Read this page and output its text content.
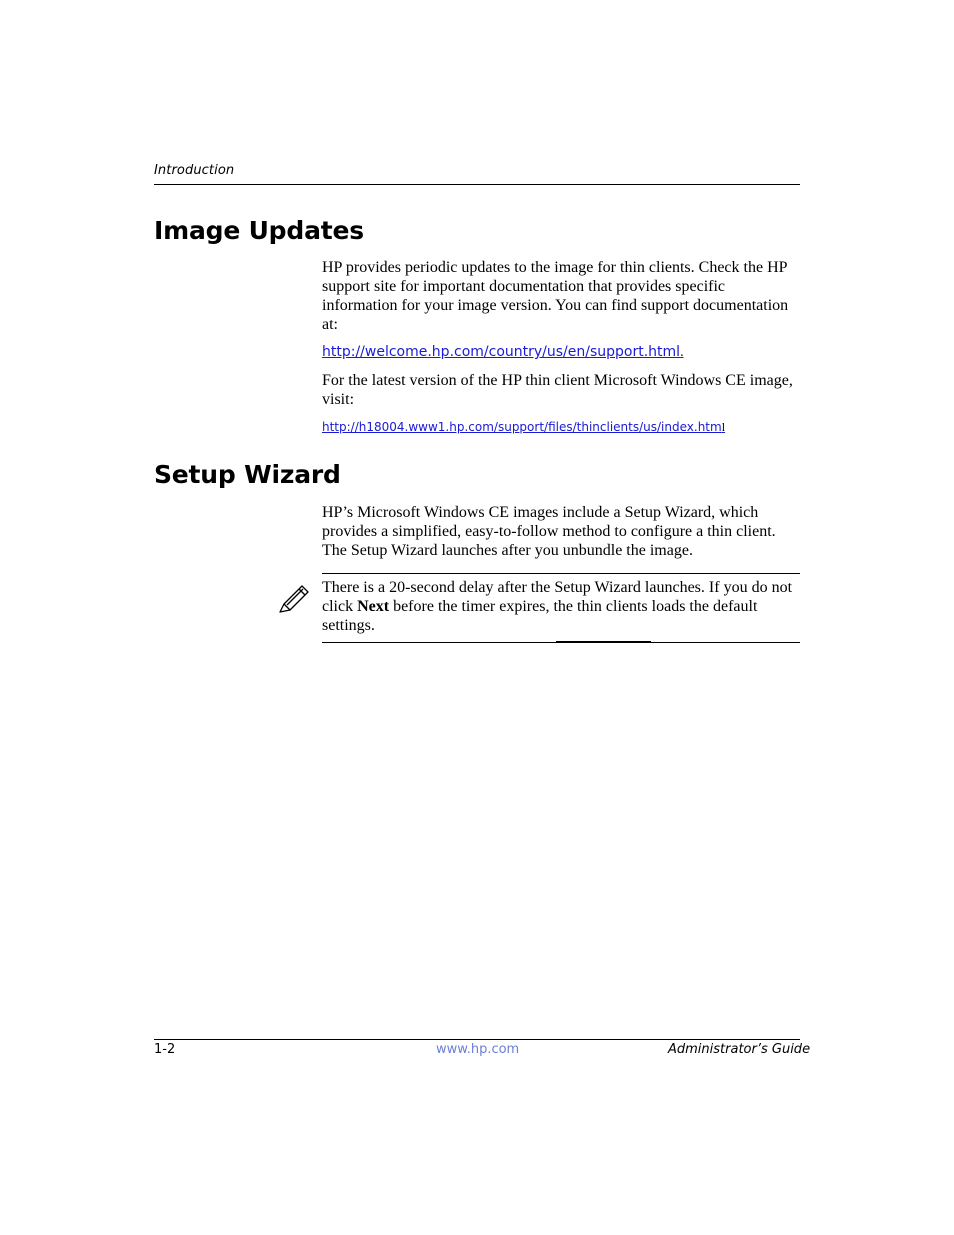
Introduction
Image Updates

HP provides periodic updates to the image for thin clients. Check the HP support site for important documentation that provides specific information for your image version. You can find support documentation at:

http://welcome.hp.com/country/us/en/support.html.

For the latest version of the HP thin client Microsoft Windows CE image, visit:

http://h18004.www1.hp.com/support/files/thinclients/us/index.html
Setup Wizard

HP’s Microsoft Windows CE images include a Setup Wizard, which provides a simplified, easy-to-follow method to configure a thin client. The Setup Wizard launches after you unbundle the image.

There is a 20-second delay after the Setup Wizard launches. If you do not click Next before the timer expires, the thin clients loads the default settings.

1-2	www.hp.com	Administrator’s Guide
